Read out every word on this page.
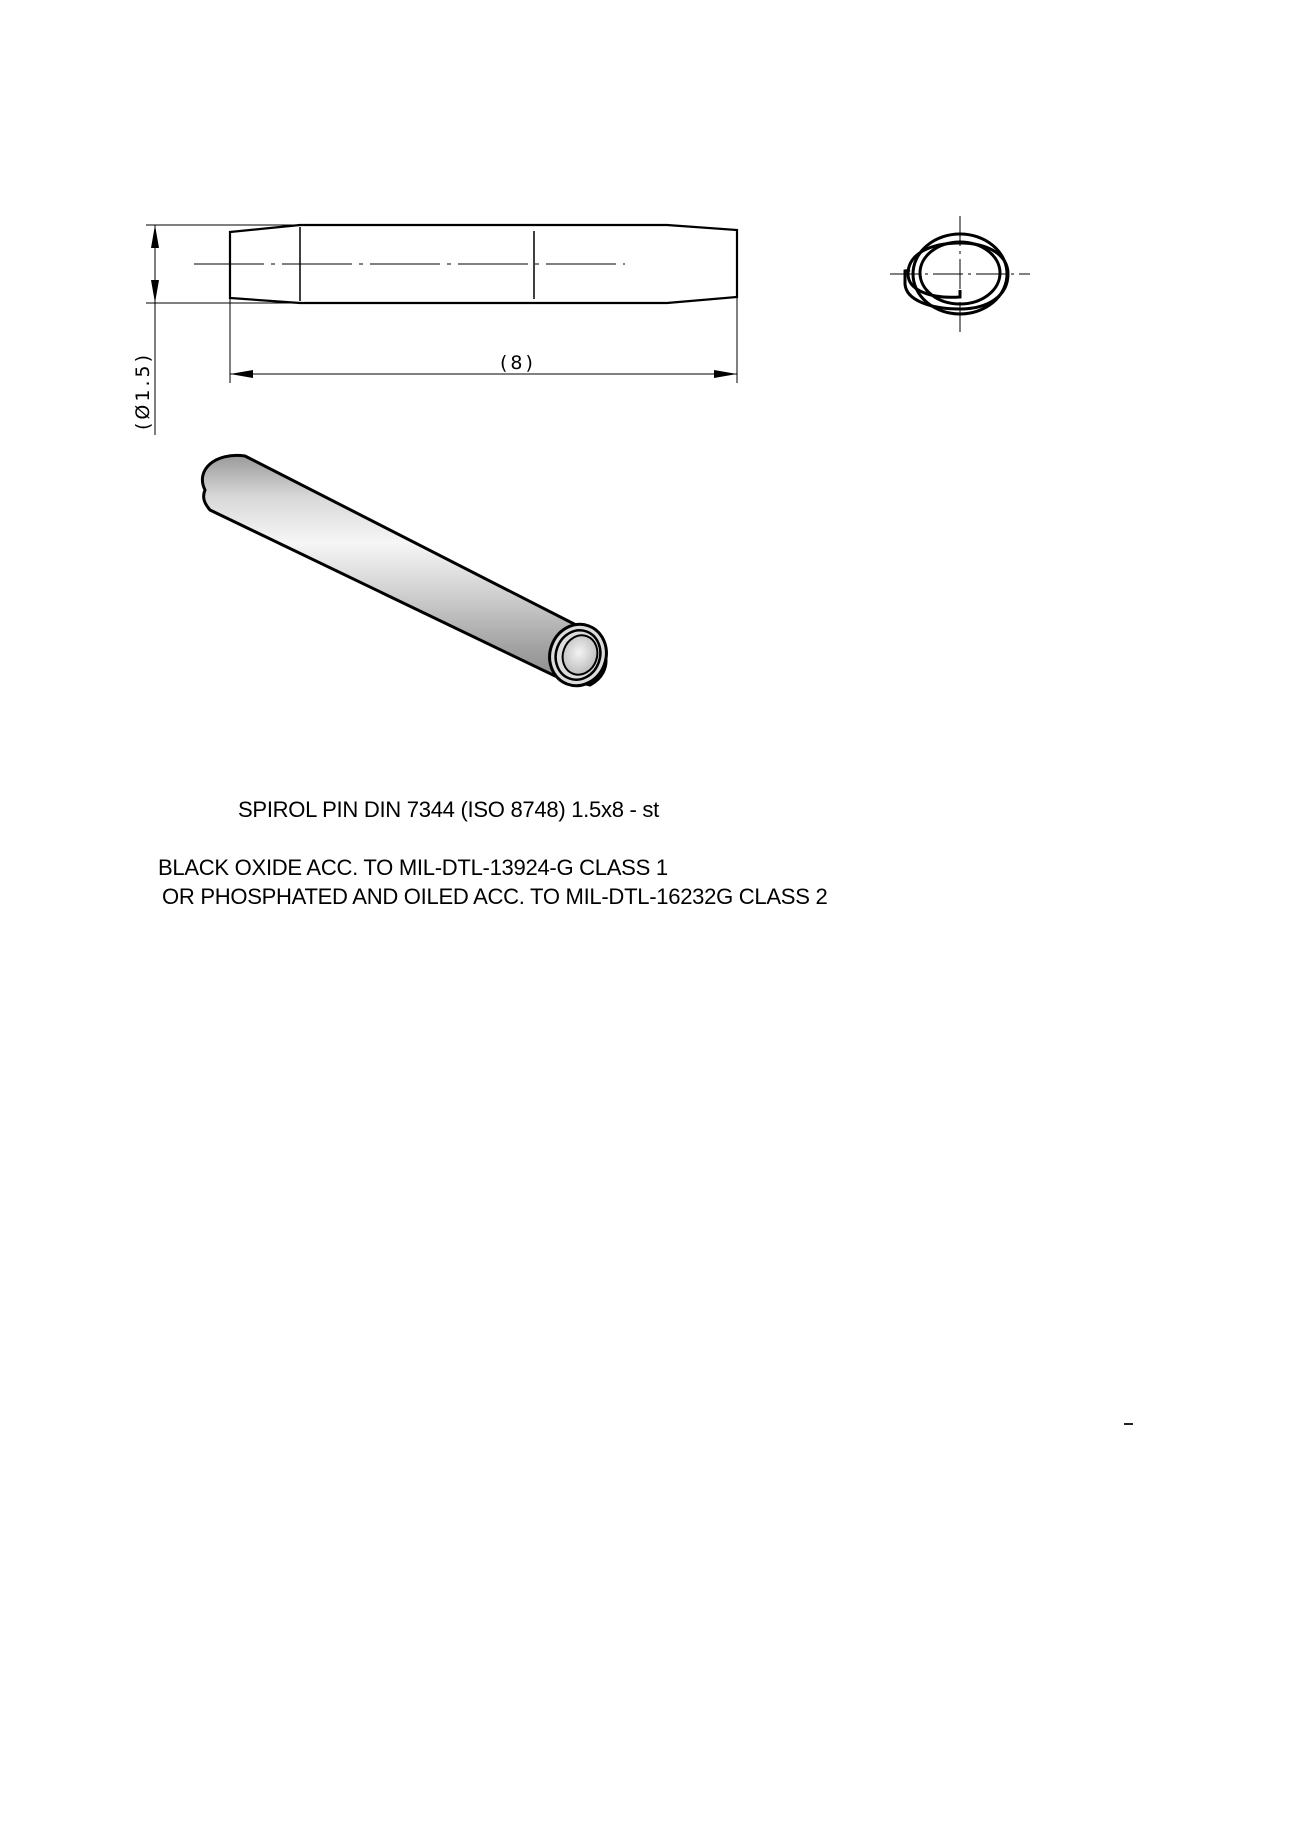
(8)
(Ø1.5)
SPIROL PIN DIN 7344 (ISO 8748) 1.5x8 - st
BLACK OXIDE ACC. TO MIL-DTL-13924-G CLASS 1
OR PHOSPHATED AND OILED ACC. TO MIL-DTL-16232G CLASS 2
